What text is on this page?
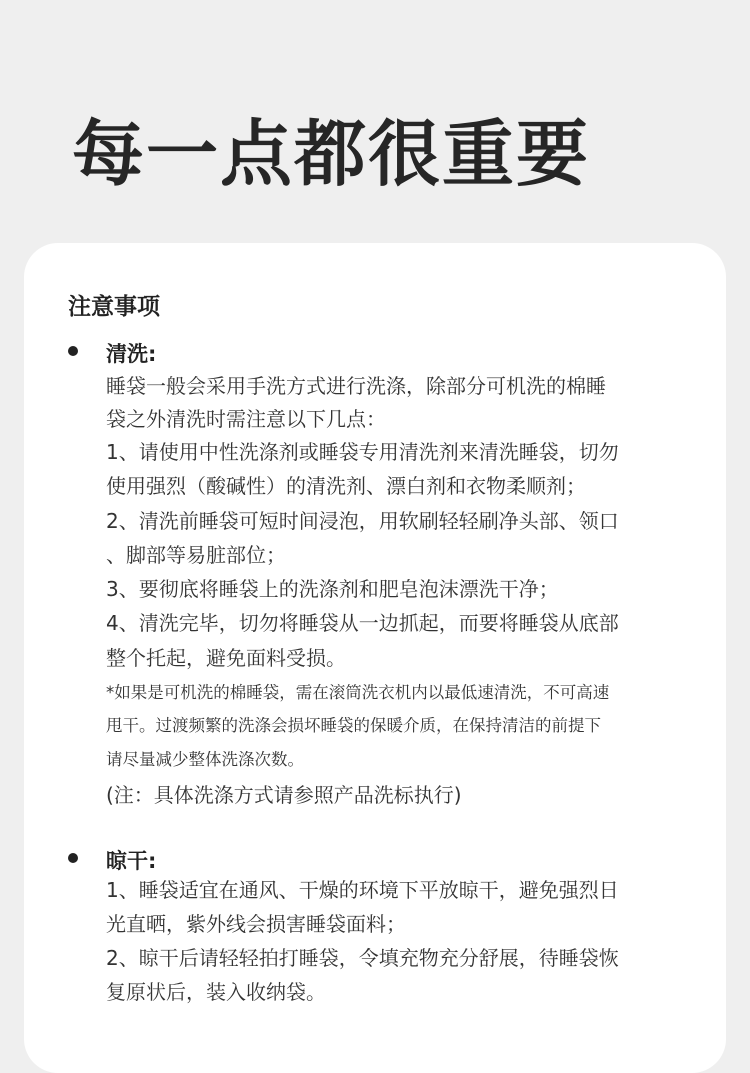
每一点都很重要
注意事项
清洗:
睡袋一般会采用手洗方式进行洗涤，除部分可机洗的棉睡
袋之外清洗时需注意以下几点：
1、请使用中性洗涤剂或睡袋专用清洗剂来清洗睡袋，切勿
使用强烈（酸碱性）的清洗剂、漂白剂和衣物柔顺剂；
2、清洗前睡袋可短时间浸泡，用软刷轻轻刷净头部、领口
、脚部等易脏部位；
3、要彻底将睡袋上的洗涤剂和肥皂泡沫漂洗干净；
4、清洗完毕，切勿将睡袋从一边抓起，而要将睡袋从底部
整个托起，避免面料受损。
*如果是可机洗的棉睡袋，需在滚筒洗衣机内以最低速清洗，不可高速
甩干。过渡频繁的洗涤会损坏睡袋的保暖介质，在保持清洁的前提下
请尽量减少整体洗涤次数。
(注：具体洗涤方式请参照产品洗标执行)
晾干:
1、睡袋适宜在通风、干燥的环境下平放晾干，避免强烈日
光直晒，紫外线会损害睡袋面料；
2、晾干后请轻轻拍打睡袋，令填充物充分舒展，待睡袋恢
复原状后，装入收纳袋。
